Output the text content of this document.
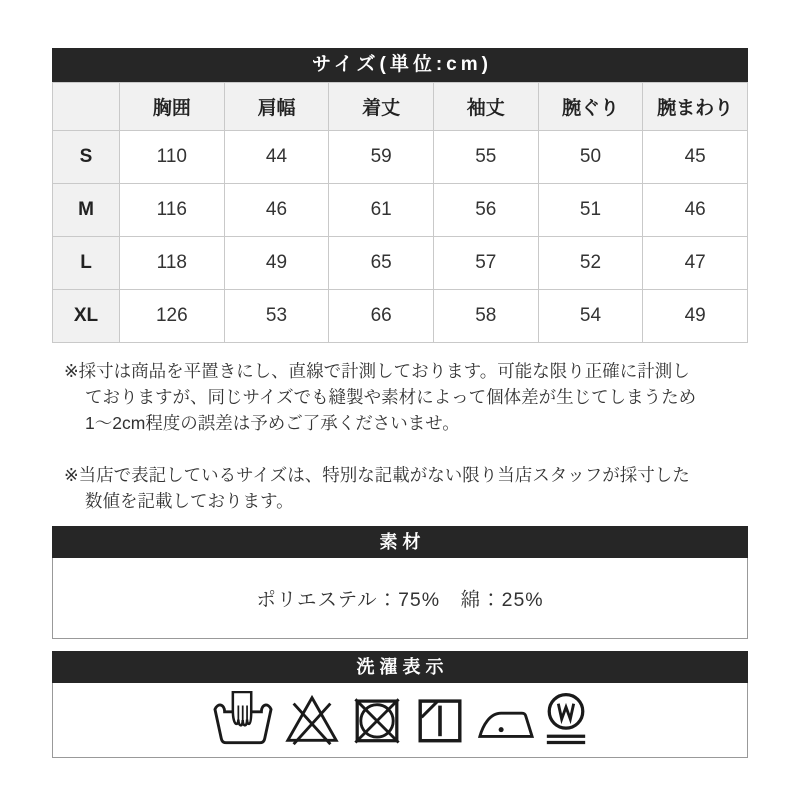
サイズ(単位:cm)
	胸囲	肩幅	着丈	袖丈	腕ぐり	腕まわり
S	110	44	59	55	50	45
M	116	46	61	56	51	46
L	118	49	65	57	52	47
XL	126	53	66	58	54	49
※採寸は商品を平置きにし、直線で計測しております。可能な限り正確に計測し
ておりますが、同じサイズでも縫製や素材によって個体差が生じてしまうため
1〜2cm程度の誤差は予めご了承くださいませ。
※当店で表記しているサイズは、特別な記載がない限り当店スタッフが採寸した
数値を記載しております。
素材
ポリエステル：75%　綿：25%
洗濯表示
